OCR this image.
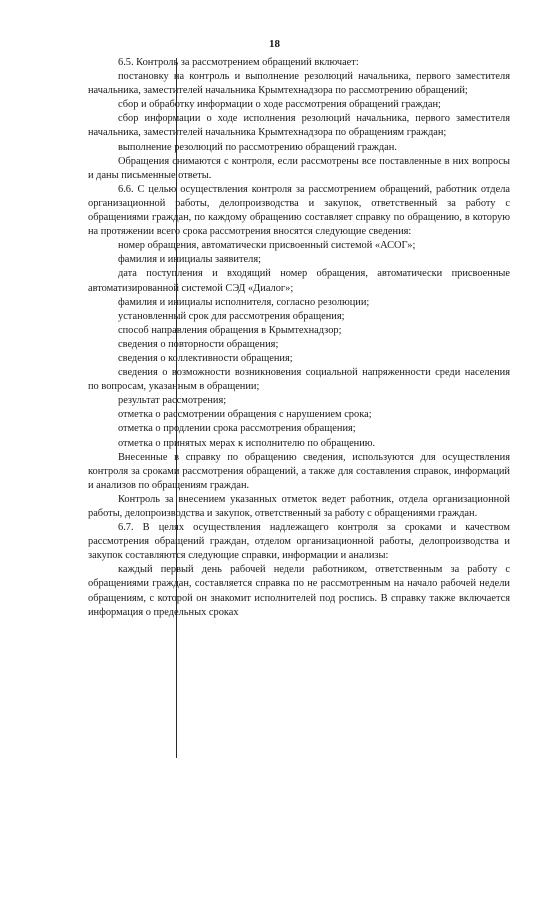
18

6.5. Контроль за рассмотрением обращений включает:

постановку на контроль и выполнение резолюций начальника, первого заместителя начальника, заместителей начальника Крымтехнадзора по рассмотрению обращений;

сбор и обработку информации о ходе рассмотрения обращений граждан;

сбор информации о ходе исполнения резолюций начальника, первого заместителя начальника, заместителей начальника Крымтехнадзора по обращениям граждан;

выполнение резолюций по рассмотрению обращений граждан.

Обращения снимаются с контроля, если рассмотрены все поставленные в них вопросы и даны письменные ответы.

6.6. С целью осуществления контроля за рассмотрением обращений, работник отдела организационной работы, делопроизводства и закупок, ответственный за работу с обращениями граждан, по каждому обращению составляет справку по обращению, в которую на протяжении всего срока рассмотрения вносятся следующие сведения:

номер обращения, автоматически присвоенный системой «АСОГ»;

фамилия и инициалы заявителя;

дата поступления и входящий номер обращения, автоматически присвоенные автоматизированной системой СЭД «Диалог»;

фамилия и инициалы исполнителя, согласно резолюции;

установленный срок для рассмотрения обращения;

способ направления обращения в Крымтехнадзор;

сведения о повторности обращения;

сведения о коллективности обращения;

сведения о возможности возникновения социальной напряженности среди населения по вопросам, указанным в обращении;

результат рассмотрения;

отметка о рассмотрении обращения с нарушением срока;

отметка о продлении срока рассмотрения обращения;

отметка о принятых мерах к исполнителю по обращению.

Внесенные в справку по обращению сведения, используются для осуществления контроля за сроками рассмотрения обращений, а также для составления справок, информаций и анализов по обращениям граждан.

Контроль за внесением указанных отметок ведет работник, отдела организационной работы, делопроизводства и закупок, ответственный за работу с обращениями граждан.

6.7. В целях осуществления надлежащего контроля за сроками и качеством рассмотрения обращений граждан, отделом организационной работы, делопроизводства и закупок составляются следующие справки, информации и анализы:

каждый первый день рабочей недели работником, ответственным за работу с обращениями граждан, составляется справка по не рассмотренным на начало рабочей недели обращениям, с которой он знакомит исполнителей под роспись. В справку также включается информация о предельных сроках
